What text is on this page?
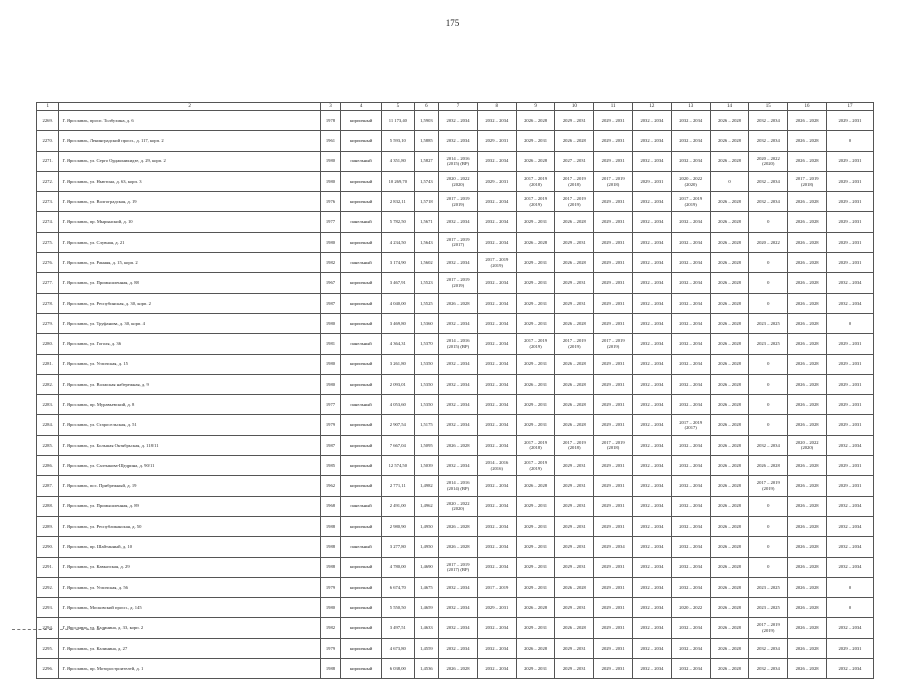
175
1	2	3	4	5	6	7	8	9	10	11	12	13	14	15	16	17
2269.	Г. Ярославль, просп. Толбухина, д. 6	1978	кирпичный	11 173,40	1,5903	2032 – 2034	2032 – 2034	2026 – 2028	2029 – 2031	2029 – 2031	2032 – 2034	2032 – 2034	2026 – 2028	2032 – 2034	2026 – 2028	2029 – 2031
2270.	Г. Ярославль, Ленинградский просп., д. 117, корп. 2	1961	кирпичный	5 593,10	1,5885	2032 – 2034	2029 – 2031	2029 – 2031	2026 – 2028	2029 – 2031	2032 – 2034	2032 – 2034	2026 – 2028	2032 – 2034	2026 – 2028	0
2271.	Г. Ярославль, ул. Серго Орджоникидзе, д. 29, корп. 2	1980	панельный	4 351,80	1,5827	2014 – 2016 (2015) (ВР)	2032 – 2034	2026 – 2028	2027 – 2031	2029 – 2031	2032 – 2034	2032 – 2034	2026 – 2028	2020 – 2022 (2020)	2026 – 2028	2029 – 2031
2272.	Г. Ярославль, ул. Ньютона, д. 63, корп. 3	1980	кирпичный	10 269,70	1,5743	2020 – 2022 (2020)	2029 – 2031	2017 – 2019 (2018)	2017 – 2019 (2018)	2017 – 2019 (2018)	2029 – 2031	2020 – 2022 (2020)	0	2032 – 2034	2017 – 2019 (2018)	2029 – 2031
2273.	Г. Ярославль, ул. Волгоградская, д. 19	1976	кирпичный	2 832,11	1,5718	2017 – 2019 (2019)	2032 – 2034	2017 – 2019 (2019)	2017 – 2019 (2019)	2029 – 2031	2032 – 2034	2017 – 2019 (2019)	2026 – 2028	2032 – 2034	2026 – 2028	2029 – 2031
2274.	Г. Ярославль, пр. Мырынский, д. 10	1977	панельный	5 782,50	1,5671	2032 – 2034	2032 – 2034	2029 – 2031	2026 – 2028	2029 – 2031	2032 – 2034	2032 – 2034	2026 – 2028	0	2026 – 2028	2029 – 2031
2275.	Г. Ярославль, ул. Слувная, д. 21	1980	кирпичный	4 234,50	1,5643	2017 – 2019 (2017)	2032 – 2034	2026 – 2028	2029 – 2031	2029 – 2031	2032 – 2034	2032 – 2034	2026 – 2028	2020 – 2022	2026 – 2028	2029 – 2031
2276.	Г. Ярославль, ул. Ранняя, д. 15, корп. 2	1982	панельный	3 174,90	1,5602	2032 – 2034	2017 – 2019 (2019)	2029 – 2031	2026 – 2028	2029 – 2031	2032 – 2034	2032 – 2034	2026 – 2028	0	2026 – 2028	2029 – 2031
2277.	Г. Ярославль, ул. Промышленная, д. 88	1967	кирпичный	3 467,91	1,5523	2017 – 2019 (2019)	2032 – 2034	2029 – 2031	2029 – 2031	2029 – 2031	2032 – 2034	2032 – 2034	2026 – 2028	0	2026 – 2028	2032 – 2034
2278.	Г. Ярославль, ул. Респубинская, д. 30, корп. 2	1987	кирпичный	4 040,00	1,5525	2026 – 2028	2032 – 2034	2029 – 2031	2029 – 2031	2029 – 2031	2032 – 2034	2032 – 2034	2026 – 2028	0	2026 – 2028	2032 – 2034
2279.	Г. Ярославль, ул. Труфанова, д. 30, корп. 4	1980	кирпичный	3 469,80	1,5360	2032 – 2034	2032 – 2034	2029 – 2031	2026 – 2028	2029 – 2031	2032 – 2034	2032 – 2034	2026 – 2028	2023 – 2025	2026 – 2028	0
2280.	Г. Ярославль, ул. Гоголя, д. 36	1981	панельный	4 364,31	1,5370	2014 – 2016 (2015) (ВР)	2032 – 2034	2017 – 2019 (2019)	2017 – 2019 (2019)	2017 – 2019 (2019)	2032 – 2034	2032 – 2034	2026 – 2028	2023 – 2025	2026 – 2028	2029 – 2031
2281.	Г. Ярославль, ул. Угличская, д. 15	1980	кирпичный	3 261,80	1,5350	2032 – 2034	2032 – 2034	2029 – 2031	2026 – 2028	2029 – 2031	2032 – 2034	2032 – 2034	2026 – 2028	0	2026 – 2028	2029 – 2031
2282.	Г. Ярославль, ул. Волжская набережная, д. 9	1980	кирпичный	2 093,01	1,5350	2032 – 2034	2032 – 2034	2026 – 2031	2026 – 2028	2029 – 2031	2032 – 2034	2032 – 2034	2026 – 2028	0	2026 – 2028	2029 – 2031
2283.	Г. Ярославль, пр. Муравьевский, д. 8	1977	панельный	4 053,60	1,5350	2032 – 2034	2032 – 2034	2029 – 2031	2026 – 2028	2029 – 2031	2032 – 2034	2032 – 2034	2026 – 2028	0	2026 – 2028	2029 – 2031
2284.	Г. Ярославль, ул. Старосельская, д. 51	1979	кирпичный	2 907,54	1,5175	2032 – 2034	2032 – 2034	2029 – 2031	2026 – 2028	2029 – 2031	2032 – 2034	2017 – 2019 (2017)	2026 – 2028	0	2026 – 2028	2029 – 2031
2285.	Г. Ярославль, ул. Большая Октябрьская, д. 118/11	1987	кирпичный	7 667,04	1,5095	2026 – 2028	2032 – 2034	2017 – 2019 (2018)	2017 – 2019 (2018)	2017 – 2019 (2018)	2032 – 2034	2032 – 2034	2026 – 2028	2032 – 2034	2020 – 2022 (2020)	2032 – 2034
2286.	Г. Ярославль, ул. Салтыкова-Щедрина, д. 90/11	1985	кирпичный	12 574,50	1,5039	2032 – 2034	2014 – 2016 (2016)	2017 – 2019 (2019)	2029 – 2031	2029 – 2031	2032 – 2034	2032 – 2034	2026 – 2028	2026 – 2028	2026 – 2028	2029 – 2031
2287.	Г. Ярославль, пос. Прибрежный, д. 19	1962	кирпичный	2 771,11	1,4982	2014 – 2016 (2014) (ВР)	2032 – 2034	2026 – 2028	2029 – 2031	2029 – 2031	2032 – 2034	2032 – 2034	2026 – 2028	2017 – 2019 (2019)	2026 – 2028	2029 – 2031
2288.	Г. Ярославль, ул. Промышленная, д. 89	1968	панельный	2 491,00	1,4962	2020 – 2022 (2020)	2032 – 2034	2029 – 2031	2029 – 2031	2029 – 2031	2032 – 2034	2032 – 2034	2026 – 2028	0	2026 – 2028	2032 – 2034
2289.	Г. Ярославль, ул. Республиканская, д. 50	1988	кирпичный	2 980,90	1,4950	2026 – 2028	2032 – 2034	2029 – 2031	2029 – 2031	2029 – 2031	2032 – 2034	2032 – 2034	2026 – 2028	0	2026 – 2028	2032 – 2034
2290.	Г. Ярославль, пр. Шайтанный, д. 10	1988	панельный	3 277,80	1,4950	2026 – 2028	2032 – 2034	2029 – 2031	2029 – 2031	2029 – 2034	2032 – 2034	2032 – 2034	2026 – 2028	0	2026 – 2028	2032 – 2034
2291.	Г. Ярославль, ул. Кавказская, д. 29	1988	кирпичный	4 780,00	1,4690	2017 – 2019 (2017) (ВР)	2032 – 2034	2029 – 2031	2029 – 2031	2029 – 2031	2032 – 2034	2032 – 2034	2026 – 2028	0	2026 – 2028	2032 – 2034
2292.	Г. Ярославль, ул. Угличская, д. 56	1979	кирпичный	6 674,70	1,4675	2032 – 2034	2017 – 2019	2029 – 2031	2026 – 2028	2029 – 2031	2032 – 2034	2032 – 2034	2026 – 2028	2023 – 2025	2026 – 2028	0
2293.	Г. Ярославль, Московский просп., д. 145	1980	кирпичный	5 550,50	1,4659	2032 – 2034	2029 – 2031	2026 – 2028	2029 – 2031	2029 – 2031	2032 – 2034	2020 – 2022	2026 – 2028	2023 – 2025	2026 – 2028	0
2294.	Г. Ярославль, ул. Калинина, д. 33, корп. 2	1982	кирпичный	3 497,51	1,4633	2032 – 2034	2032 – 2034	2029 – 2031	2026 – 2028	2029 – 2031	2032 – 2034	2032 – 2034	2026 – 2028	2017 – 2019 (2019)	2026 – 2028	2032 – 2034
2295.	Г. Ярославль, ул. Калинина, д. 27	1979	кирпичный	4 673,80	1,4559	2032 – 2034	2032 – 2034	2026 – 2028	2029 – 2031	2029 – 2031	2032 – 2034	2032 – 2034	2026 – 2028	2032 – 2034	2026 – 2028	2029 – 2031
2296.	Г. Ярославль, пр. Моторостроителей, д. 1	1988	кирпичный	6 038,00	1,4536	2026 – 2028	2032 – 2034	2029 – 2031	2029 – 2031	2029 – 2031	2032 – 2034	2032 – 2034	2026 – 2028	2032 – 2034	2026 – 2028	2032 – 2034
